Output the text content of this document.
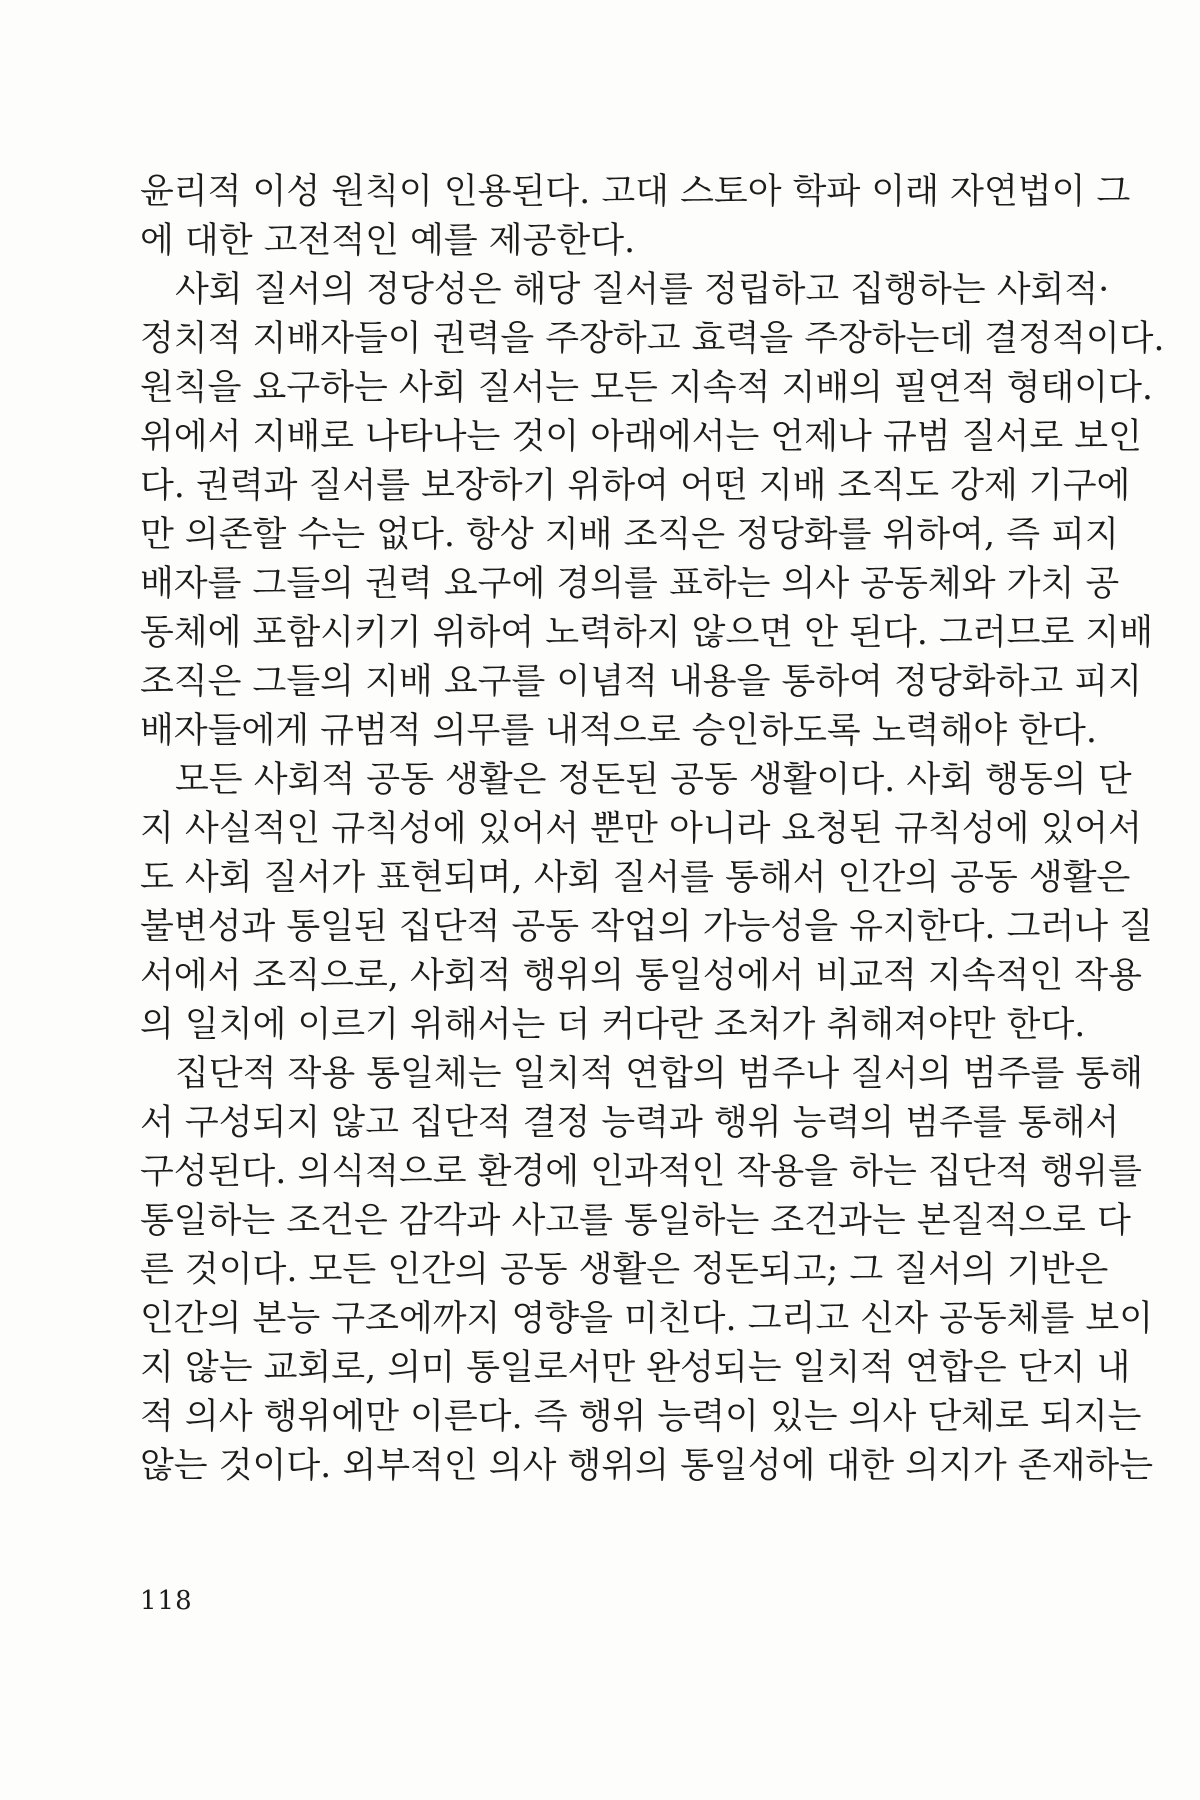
윤리적 이성 원칙이 인용된다. 고대 스토아 학파 이래 자연법이 그
에 대한 고전적인 예를 제공한다.
　사회 질서의 정당성은 해당 질서를 정립하고 집행하는 사회적·
정치적 지배자들이 권력을 주장하고 효력을 주장하는데 결정적이다.
원칙을 요구하는 사회 질서는 모든 지속적 지배의 필연적 형태이다.
위에서 지배로 나타나는 것이 아래에서는 언제나 규범 질서로 보인
다. 권력과 질서를 보장하기 위하여 어떤 지배 조직도 강제 기구에
만 의존할 수는 없다. 항상 지배 조직은 정당화를 위하여, 즉 피지
배자를 그들의 권력 요구에 경의를 표하는 의사 공동체와 가치 공
동체에 포함시키기 위하여 노력하지 않으면 안 된다. 그러므로 지배
조직은 그들의 지배 요구를 이념적 내용을 통하여 정당화하고 피지
배자들에게 규범적 의무를 내적으로 승인하도록 노력해야 한다.
　모든 사회적 공동 생활은 정돈된 공동 생활이다. 사회 행동의 단
지 사실적인 규칙성에 있어서 뿐만 아니라 요청된 규칙성에 있어서
도 사회 질서가 표현되며, 사회 질서를 통해서 인간의 공동 생활은
불변성과 통일된 집단적 공동 작업의 가능성을 유지한다. 그러나 질
서에서 조직으로, 사회적 행위의 통일성에서 비교적 지속적인 작용
의 일치에 이르기 위해서는 더 커다란 조처가 취해져야만 한다.
　집단적 작용 통일체는 일치적 연합의 범주나 질서의 범주를 통해
서 구성되지 않고 집단적 결정 능력과 행위 능력의 범주를 통해서
구성된다. 의식적으로 환경에 인과적인 작용을 하는 집단적 행위를
통일하는 조건은 감각과 사고를 통일하는 조건과는 본질적으로 다
른 것이다. 모든 인간의 공동 생활은 정돈되고; 그 질서의 기반은
인간의 본능 구조에까지 영향을 미친다. 그리고 신자 공동체를 보이
지 않는 교회로, 의미 통일로서만 완성되는 일치적 연합은 단지 내
적 의사 행위에만 이른다. 즉 행위 능력이 있는 의사 단체로 되지는
않는 것이다. 외부적인 의사 행위의 통일성에 대한 의지가 존재하는
118
